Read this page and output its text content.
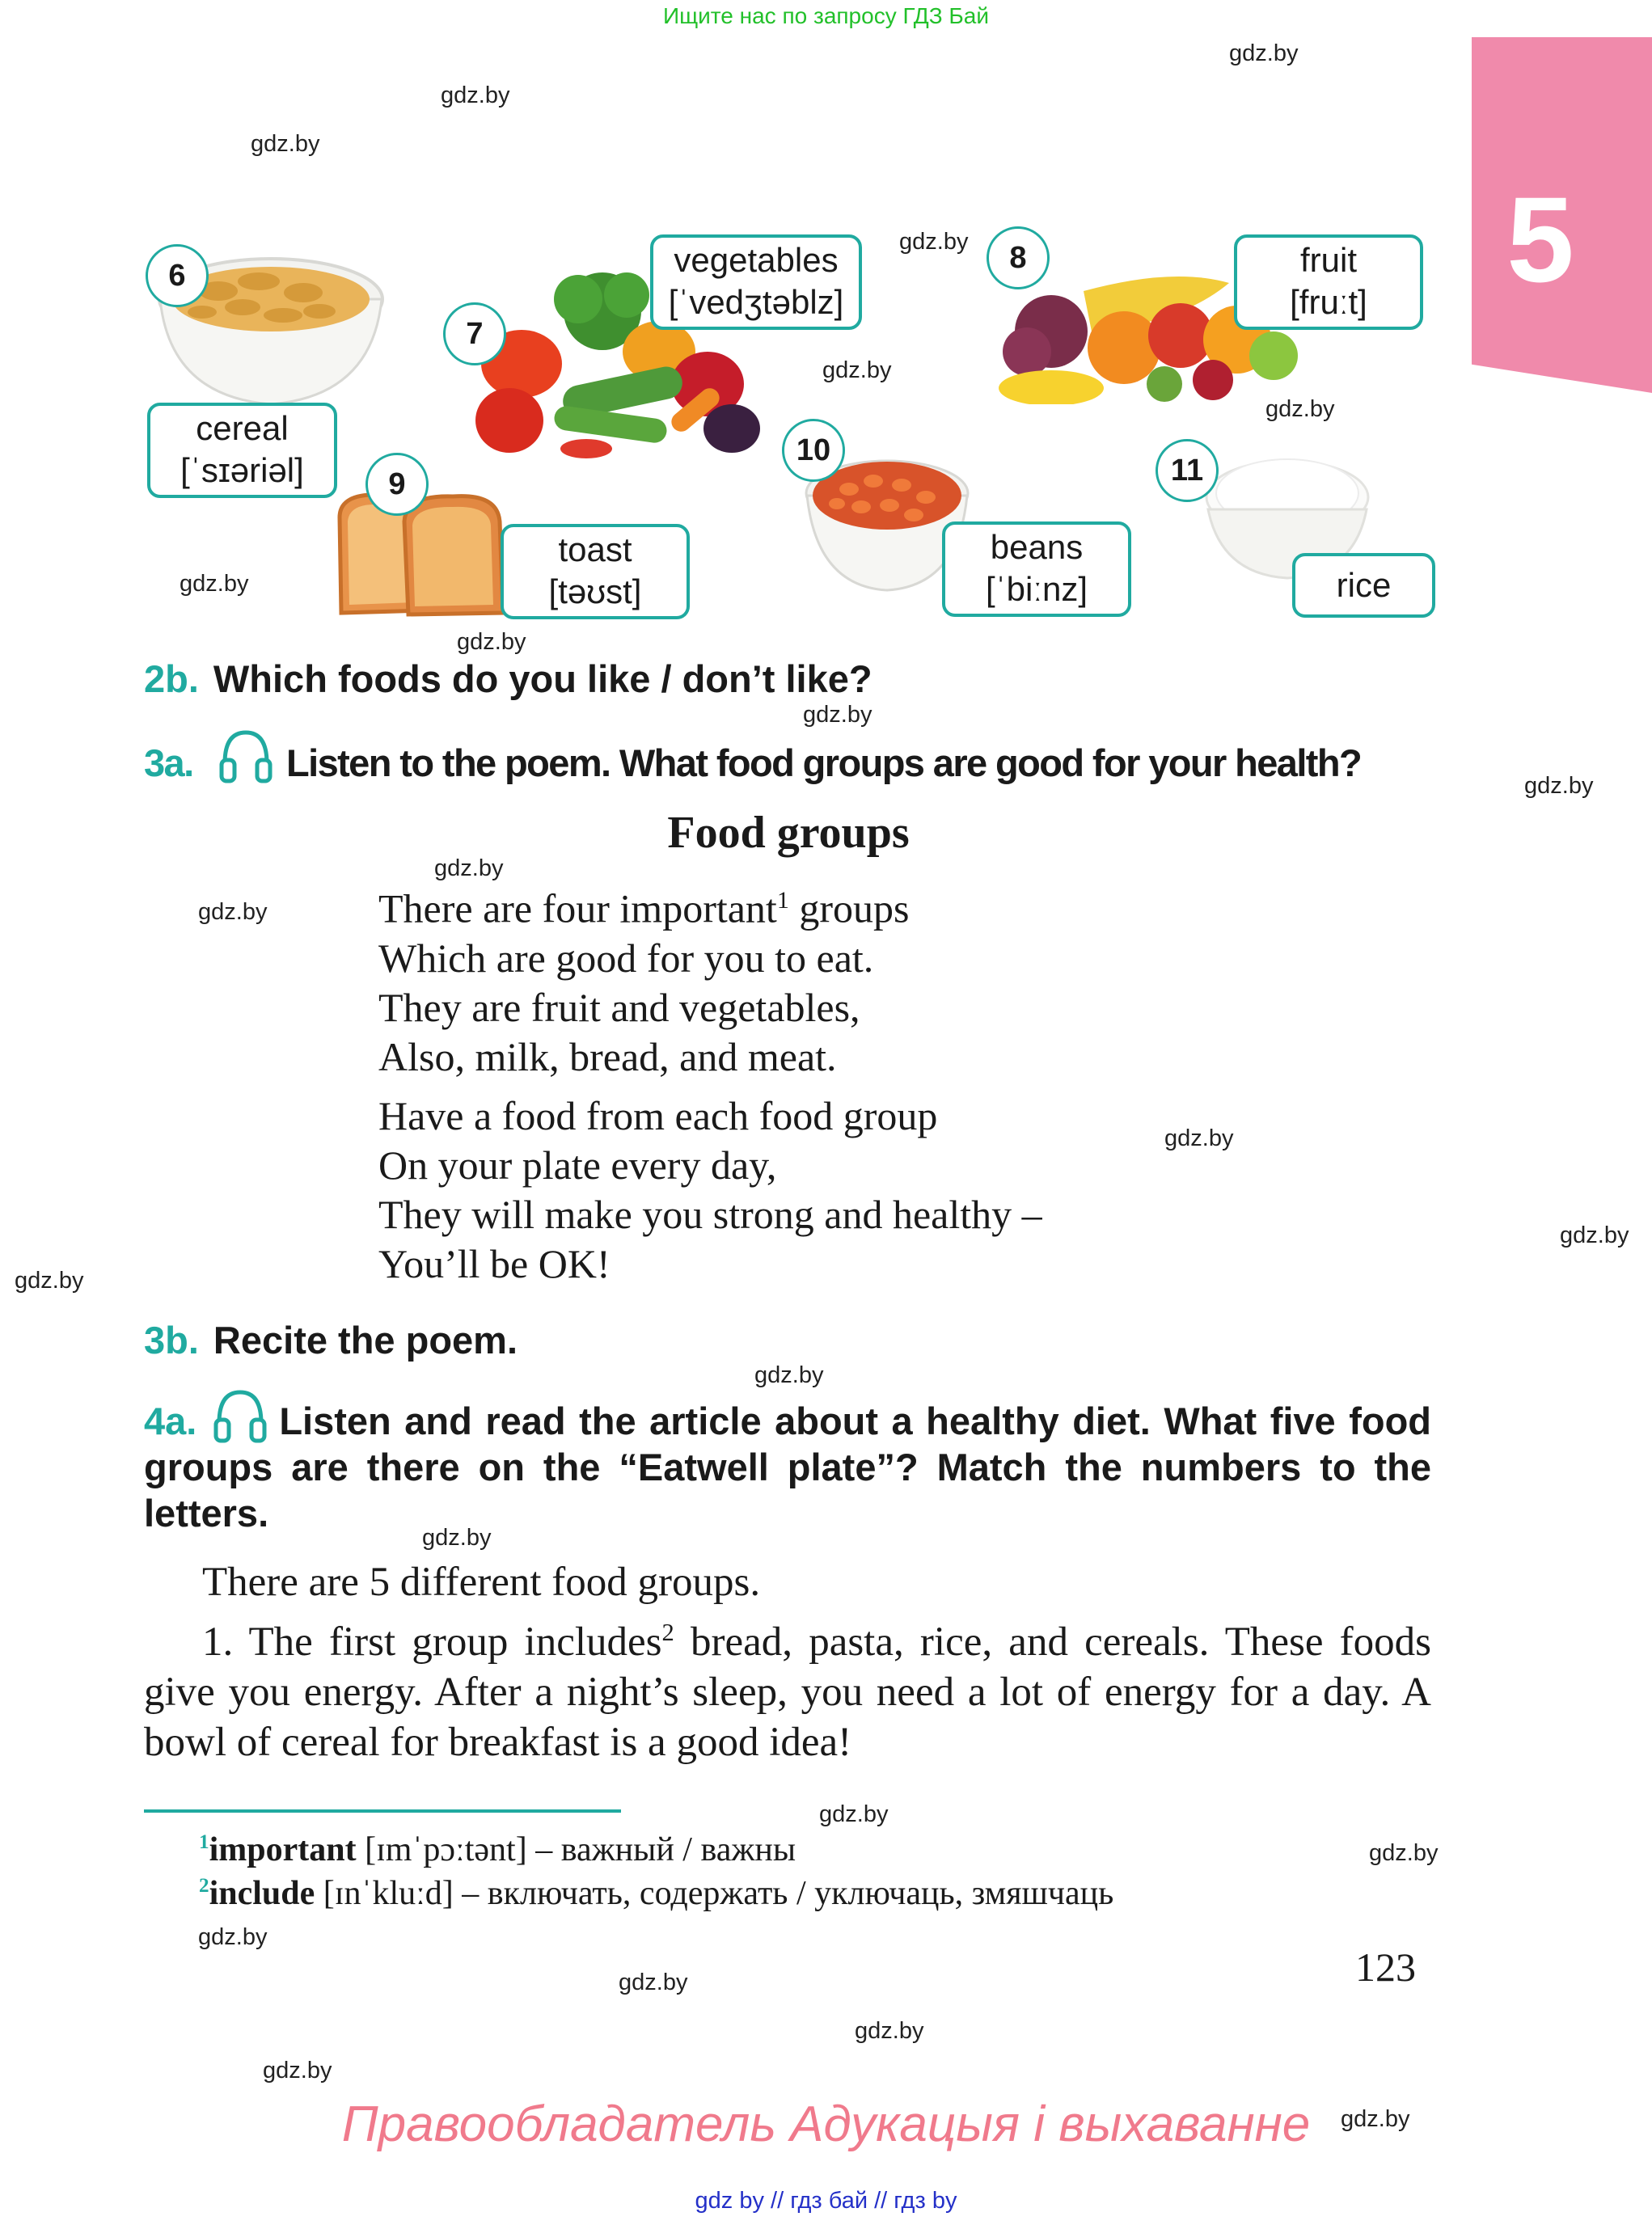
Ищите нас по запросу ГДЗ Бай
5
gdz.by
gdz.by
gdz.by
gdz.by
gdz.by
gdz.by
gdz.by
gdz.by
gdz.by
gdz.by
gdz.by
gdz.by
gdz.by
gdz.by
gdz.by
gdz.by
gdz.by
gdz.by
gdz.by
gdz.by
gdz.by
gdz.by
gdz.by
gdz.by
6
7
8
9
10
11
cereal
[ˈsɪəriəl]
vegetables
[ˈvedʒtəblz]
fruit
[fruːt]
toast
[təʊst]
beans
[ˈbiːnz]	rice
2b. Which foods do you like / don’t like?
3a. Listen to the poem. What food groups are good for your health?
Food groups
There are four important$^1$ groups
Which are good for you to eat.
They are fruit and vegetables,
Also, milk, bread, and meat.
Have a food from each food group
On your plate every day,
They will make you strong and healthy –
You’ll be OK!
3b. Recite the poem.
4a. Listen and read the article about a healthy diet. What five food groups are there on the “Eatwell plate”? Match the numbers to the letters.

There are 5 different food groups.

1. The first group includes$^2$ bread, pasta, rice, and cereals. These foods give you energy. After a night’s sleep, you need a lot of energy for a day. A bowl of cereal for breakfast is a good idea!

$^1$important [ɪmˈpɔːtənt] – важный / важны
$^2$include [ɪnˈkluːd] – включать, содержать / уключаць, змяшчаць
123
Правообладатель Адукацыя і выхаванне
gdz by // гдз бай // гдз by
